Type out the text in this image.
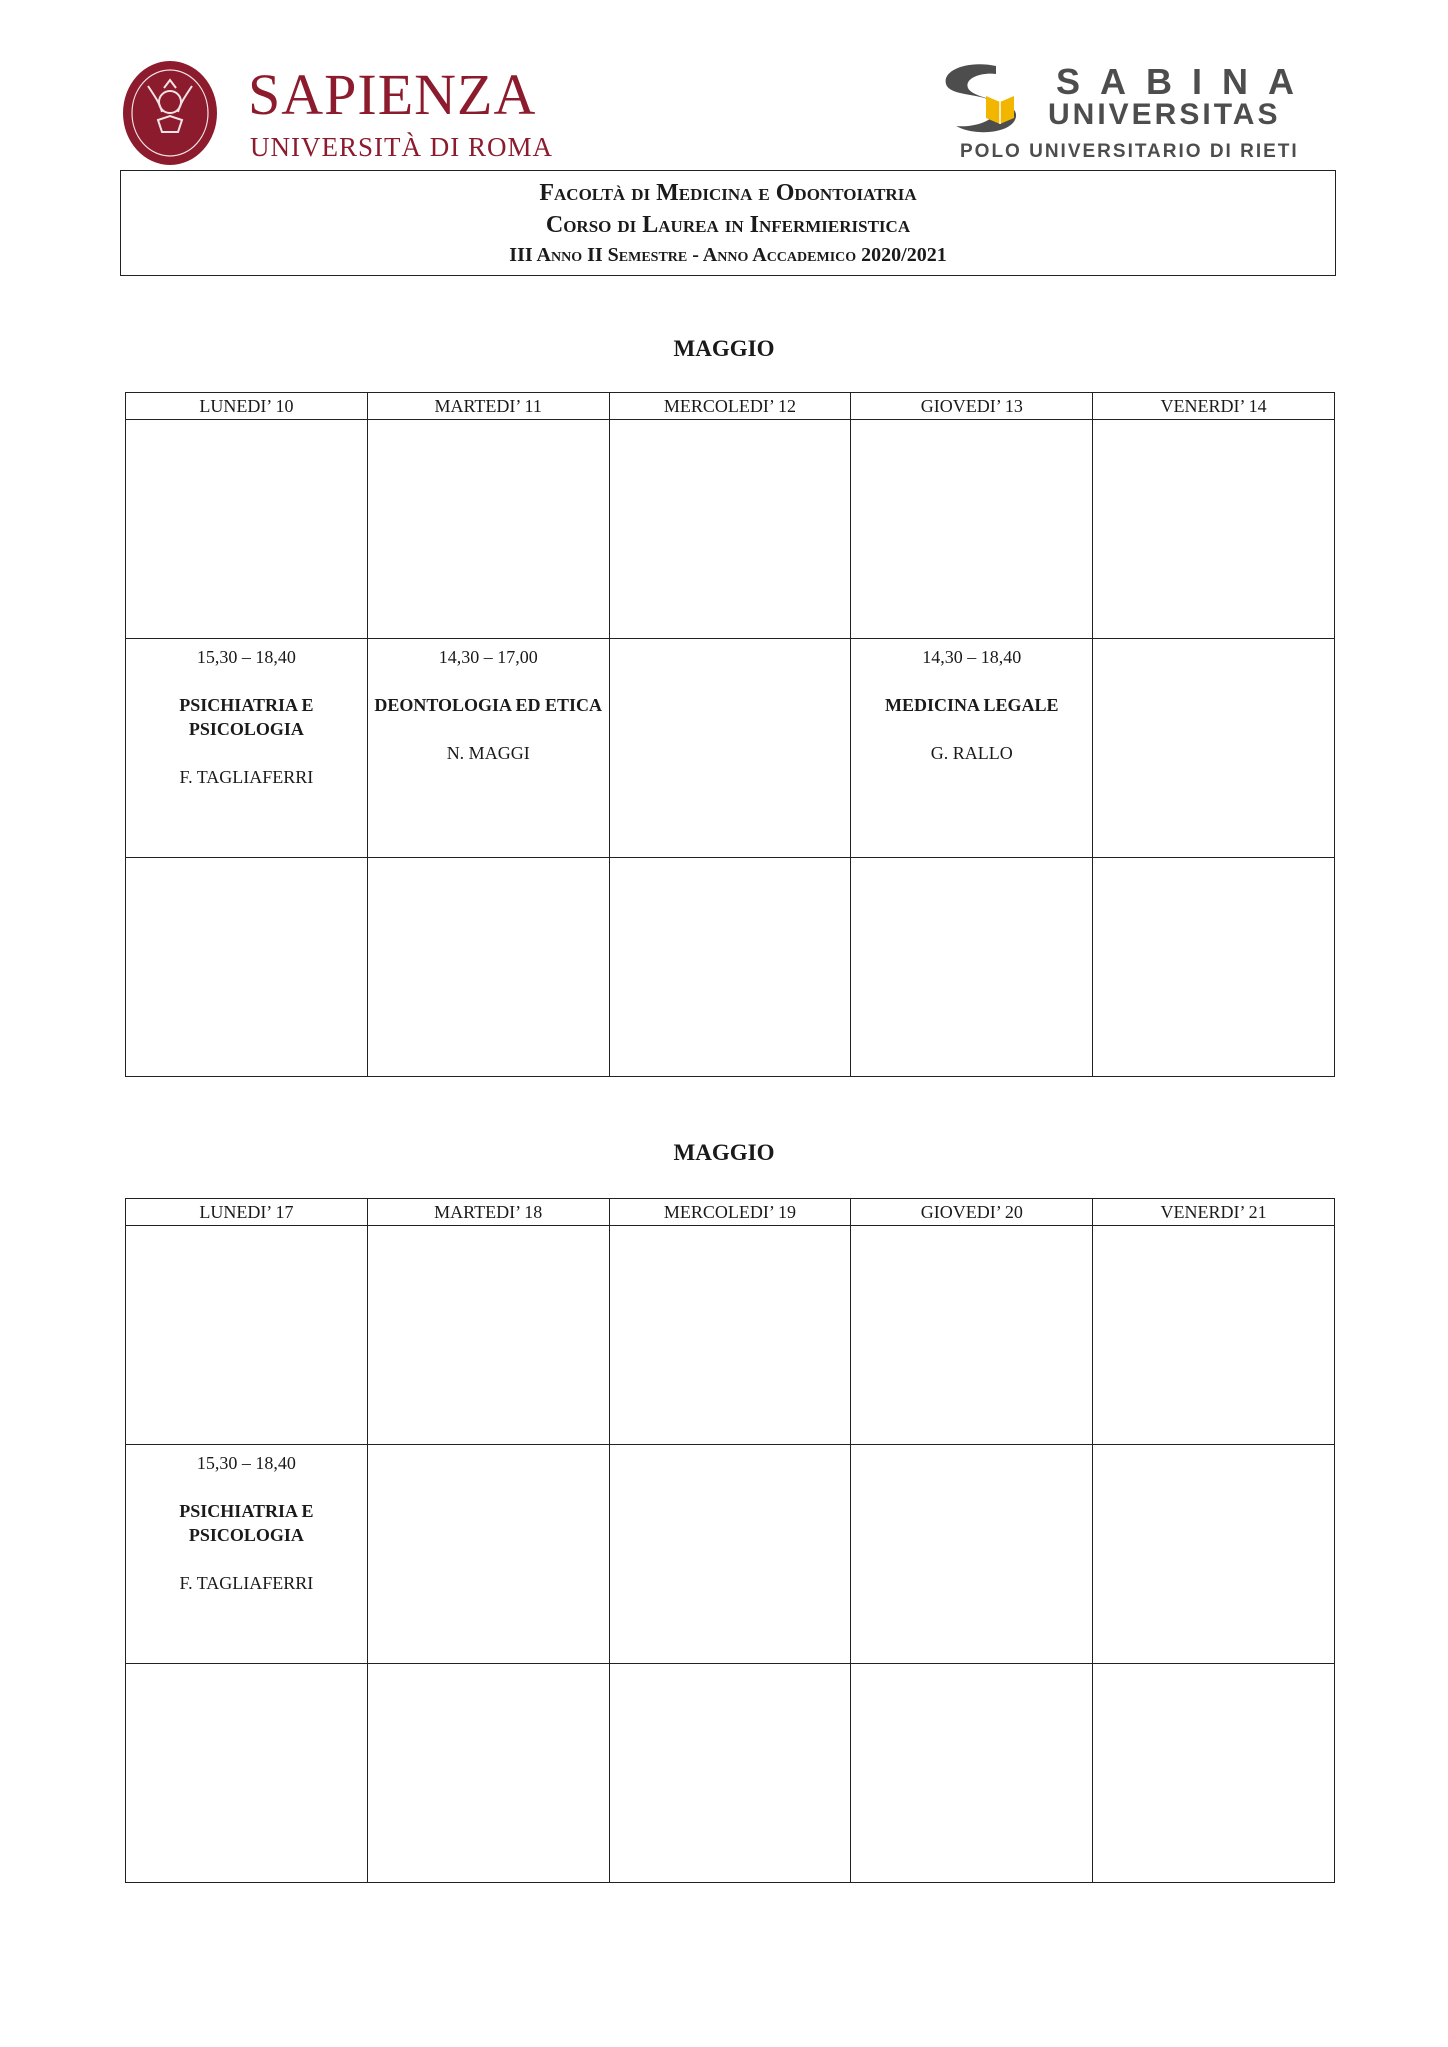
SAPIENZA
UNIVERSITÀ DI ROMA
SABINA
UNIVERSITAS
POLO UNIVERSITARIO DI RIETI
Facoltà di Medicina e Odontoiatria
Corso di Laurea in Infermieristica
III Anno II Semestre - Anno Accademico 2020/2021
MAGGIO
LUNEDI’ 10	MARTEDI’ 11	MERCOLEDI’ 12	GIOVEDI’ 13	VENERDI’ 14

15,30 – 18,40
PSICHIATRIA E PSICOLOGIA
F. TAGLIAFERRI	14,30 – 17,00
DEONTOLOGIA ED ETICA
N. MAGGI		14,30 – 18,40
MEDICINA LEGALE
G. RALLO	

MAGGIO
LUNEDI’ 17	MARTEDI’ 18	MERCOLEDI’ 19	GIOVEDI’ 20	VENERDI’ 21

15,30 – 18,40
PSICHIATRIA E PSICOLOGIA
F. TAGLIAFERRI				
